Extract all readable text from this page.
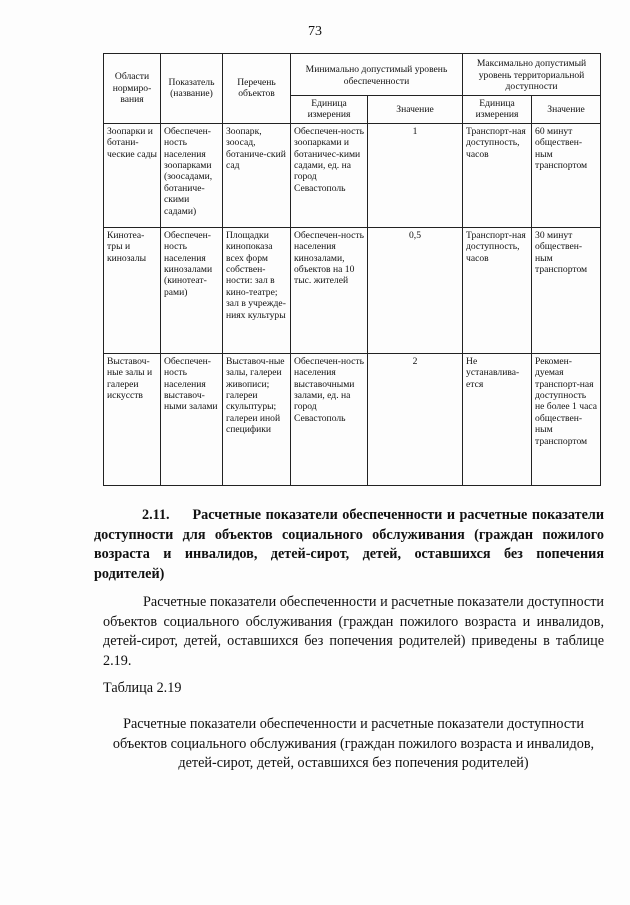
73
Области нормиро-вания	Показатель (название)	Перечень объектов	Минимально допустимый уровень обеспеченности		Максимально допустимый уровень территориальной доступности	
			Единица измерения	Значение	Единица измерения	Значение
Зоопарки и ботани-ческие сады	Обеспечен-ность населения зоопарками (зоосадами, ботаниче-скими садами)	Зоопарк, зоосад, ботаниче-ский сад	Обеспечен-ность зоопарками и ботаничес-кими садами, ед. на город Севастополь	1	Транспорт-ная доступность, часов	60 минут обществен-ным транспортом
Кинотеа-тры и кинозалы	Обеспечен-ность населения кинозалами (кинотеат-рами)	Площадки кинопоказа всех форм собствен-ности: зал в кино-театре; зал в учрежде-ниях культуры	Обеспечен-ность населения кинозалами, объектов на 10 тыс. жителей	0,5	Транспорт-ная доступность, часов	30 минут обществен-ным транспортом
Выставоч-ные залы и галереи искусств	Обеспечен-ность населения выставоч-ными залами	Выставоч-ные залы, галереи живописи; галереи скульптуры; галереи иной специфики	Обеспечен-ность населения выставочными залами, ед. на город Севастополь	2	Не устанавлива-ется	Рекомен-дуемая транспорт-ная доступность не более 1 часа обществен-ным транспортом
2.11. Расчетные показатели обеспеченности и расчетные показатели доступности для объектов социального обслуживания (граждан пожилого возраста и инвалидов, детей-сирот, детей, оставшихся без попечения родителей)
Расчетные показатели обеспеченности и расчетные показатели доступности объектов социального обслуживания (граждан пожилого возраста и инвалидов, детей-сирот, детей, оставшихся без попечения родителей) приведены в таблице 2.19.
Таблица 2.19
Расчетные показатели обеспеченности и расчетные показатели доступности объектов социального обслуживания (граждан пожилого возраста и инвалидов, детей-сирот, детей, оставшихся без попечения родителей)
